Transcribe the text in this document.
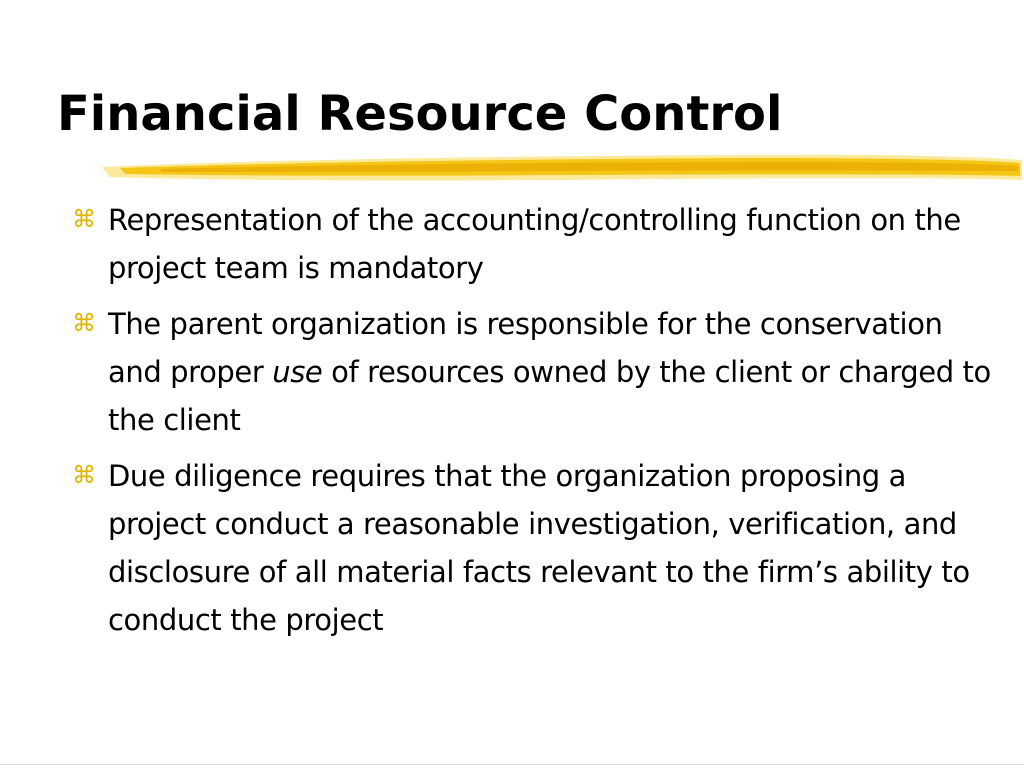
Financial Resource Control
⌘ Representation of the accounting/controlling function on the project team is mandatory
⌘ The parent organization is responsible for the conservation and proper use of resources owned by the client or charged to the client
⌘ Due diligence requires that the organization proposing a project conduct a reasonable investigation, verification, and disclosure of all material facts relevant to the firm’s ability to conduct the project
